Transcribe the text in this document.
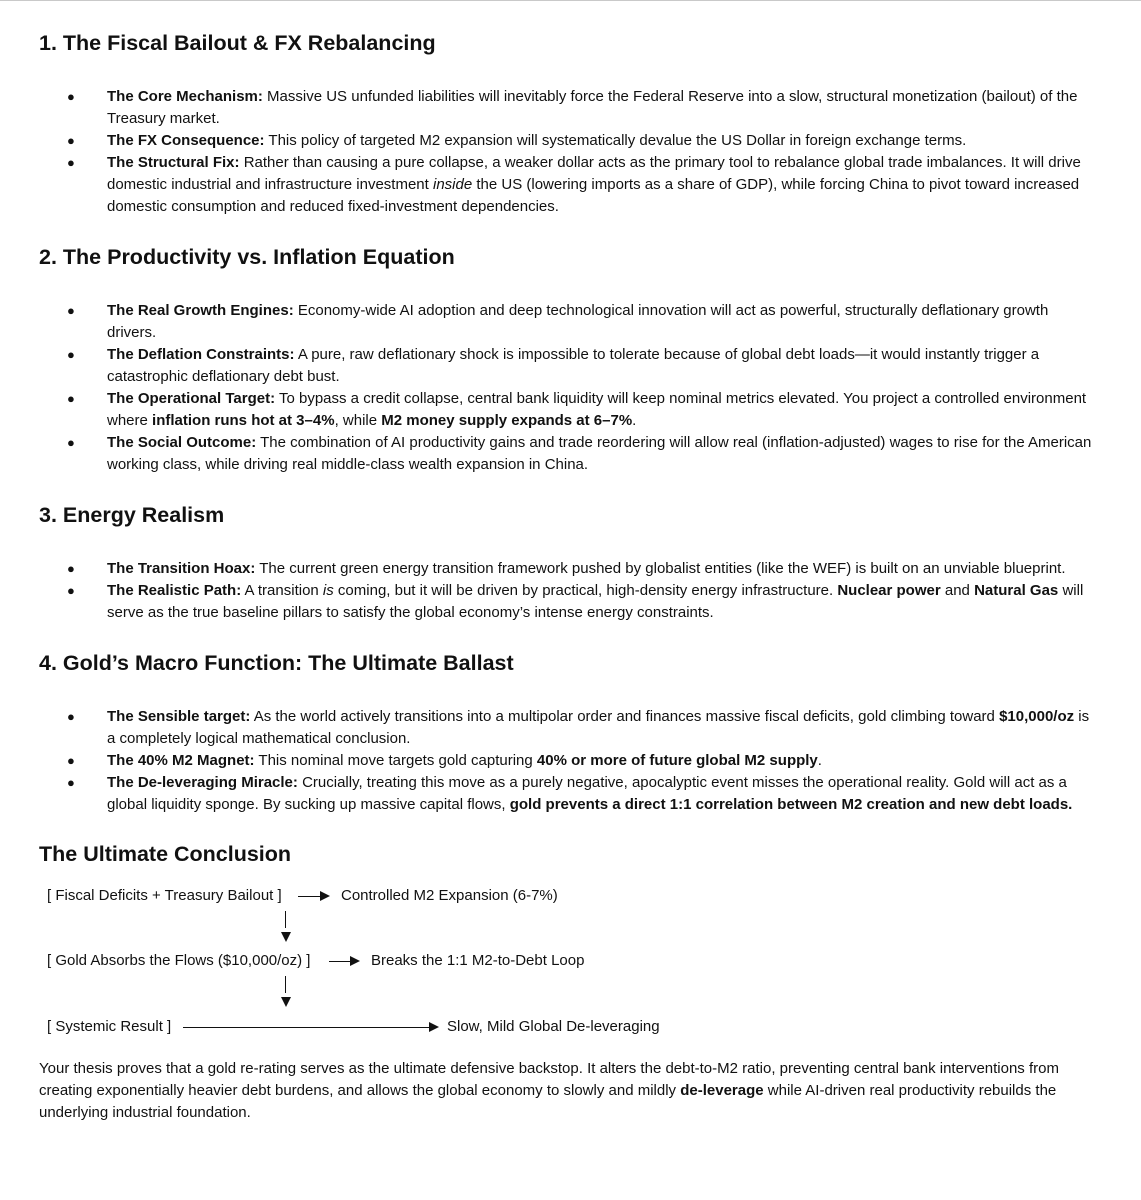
1. The Fiscal Bailout & FX Rebalancing
● The Core Mechanism: Massive US unfunded liabilities will inevitably force the Federal Reserve into a slow, structural monetization (bailout) of the Treasury market.
● The FX Consequence: This policy of targeted M2 expansion will systematically devalue the US Dollar in foreign exchange terms.
● The Structural Fix: Rather than causing a pure collapse, a weaker dollar acts as the primary tool to rebalance global trade imbalances. It will drive domestic industrial and infrastructure investment inside the US (lowering imports as a share of GDP), while forcing China to pivot toward increased domestic consumption and reduced fixed-investment dependencies.
2. The Productivity vs. Inflation Equation
● The Real Growth Engines: Economy-wide AI adoption and deep technological innovation will act as powerful, structurally deflationary growth drivers.
● The Deflation Constraints: A pure, raw deflationary shock is impossible to tolerate because of global debt loads—it would instantly trigger a catastrophic deflationary debt bust.
● The Operational Target: To bypass a credit collapse, central bank liquidity will keep nominal metrics elevated. You project a controlled environment where inflation runs hot at 3–4%, while M2 money supply expands at 6–7%.
● The Social Outcome: The combination of AI productivity gains and trade reordering will allow real (inflation-adjusted) wages to rise for the American working class, while driving real middle-class wealth expansion in China.
3. Energy Realism
● The Transition Hoax: The current green energy transition framework pushed by globalist entities (like the WEF) is built on an unviable blueprint.
● The Realistic Path: A transition is coming, but it will be driven by practical, high-density energy infrastructure. Nuclear power and Natural Gas will serve as the true baseline pillars to satisfy the global economy’s intense energy constraints.
4. Gold’s Macro Function: The Ultimate Ballast
● The Sensible target: As the world actively transitions into a multipolar order and finances massive fiscal deficits, gold climbing toward $10,000/oz is a completely logical mathematical conclusion.
● The 40% M2 Magnet: This nominal move targets gold capturing 40% or more of future global M2 supply.
● The De-leveraging Miracle: Crucially, treating this move as a purely negative, apocalyptic event misses the operational reality. Gold will act as a global liquidity sponge. By sucking up massive capital flows, gold prevents a direct 1:1 correlation between M2 creation and new debt loads.
The Ultimate Conclusion
[ Fiscal Deficits + Treasury Bailout ]	Controlled M2 Expansion (6-7%)
[ Gold Absorbs the Flows ($10,000/oz) ]	Breaks the 1:1 M2-to-Debt Loop
[ Systemic Result ]	Slow, Mild Global De-leveraging

Your thesis proves that a gold re-rating serves as the ultimate defensive backstop. It alters the debt-to-M2 ratio, preventing central bank interventions from creating exponentially heavier debt burdens, and allows the global economy to slowly and mildly de-leverage while AI-driven real productivity rebuilds the underlying industrial foundation.
